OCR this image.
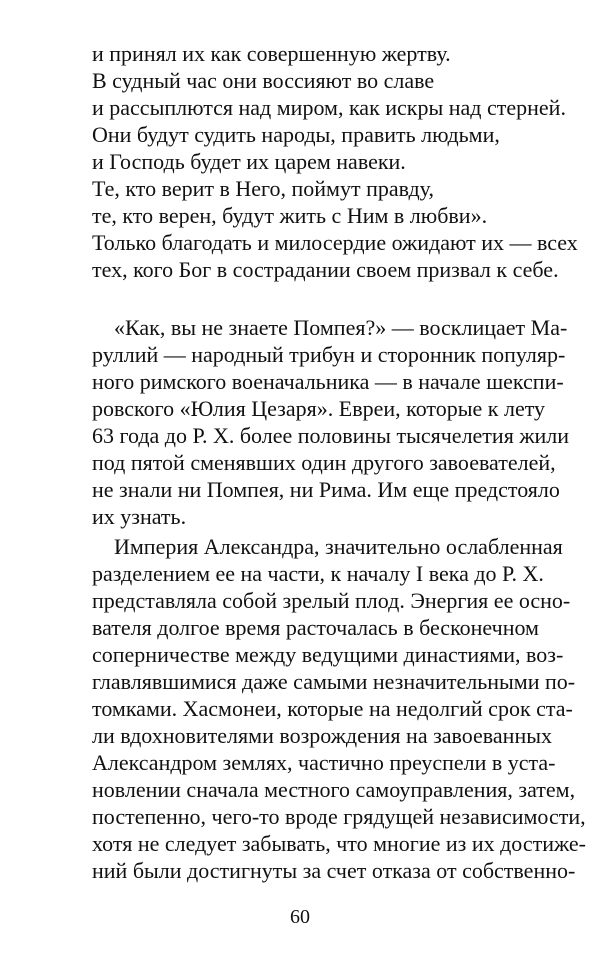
и принял их как совершенную жертву.
В судный час они воссияют во славе
и рассыплются над миром, как искры над стерней.
Они будут судить народы, править людьми,
и Господь будет их царем навеки.
Те, кто верит в Него, поймут правду,
те, кто верен, будут жить с Ним в любви».
Только благодать и милосердие ожидают их — всех
тех, кого Бог в сострадании своем призвал к себе.
«Как, вы не знаете Помпея?» — восклицает Ма-
руллий — народный трибун и сторонник популяр-
ного римского военачальника — в начале шекспи-
ровского «Юлия Цезаря». Евреи, которые к лету
63 года до Р. Х. более половины тысячелетия жили
под пятой сменявших один другого завоевателей,
не знали ни Помпея, ни Рима. Им еще предстояло
их узнать.
Империя Александра, значительно ослабленная
разделением ее на части, к началу I века до Р. Х.
представляла собой зрелый плод. Энергия ее осно-
вателя долгое время расточалась в бесконечном
соперничестве между ведущими династиями, воз-
главлявшимися даже самыми незначительными по-
томками. Хасмонеи, которые на недолгий срок ста-
ли вдохновителями возрождения на завоеванных
Александром землях, частично преуспели в уста-
новлении сначала местного самоуправления, затем,
постепенно, чего-то вроде грядущей независимости,
хотя не следует забывать, что многие из их достиже-
ний были достигнуты за счет отказа от собственно-
60
